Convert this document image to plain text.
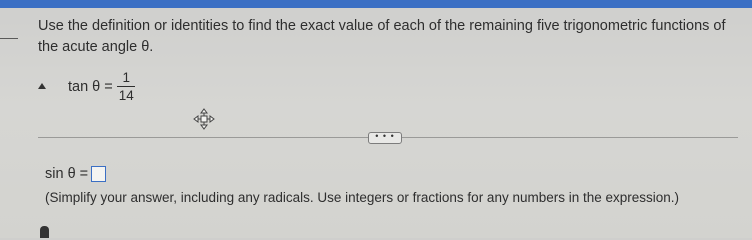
Use the definition or identities to find the exact value of each of the remaining five trigonometric functions of the acute angle θ.
$\tan \theta = \frac{1}{14}$
• • •
sin θ =
(Simplify your answer, including any radicals. Use integers or fractions for any numbers in the expression.)
